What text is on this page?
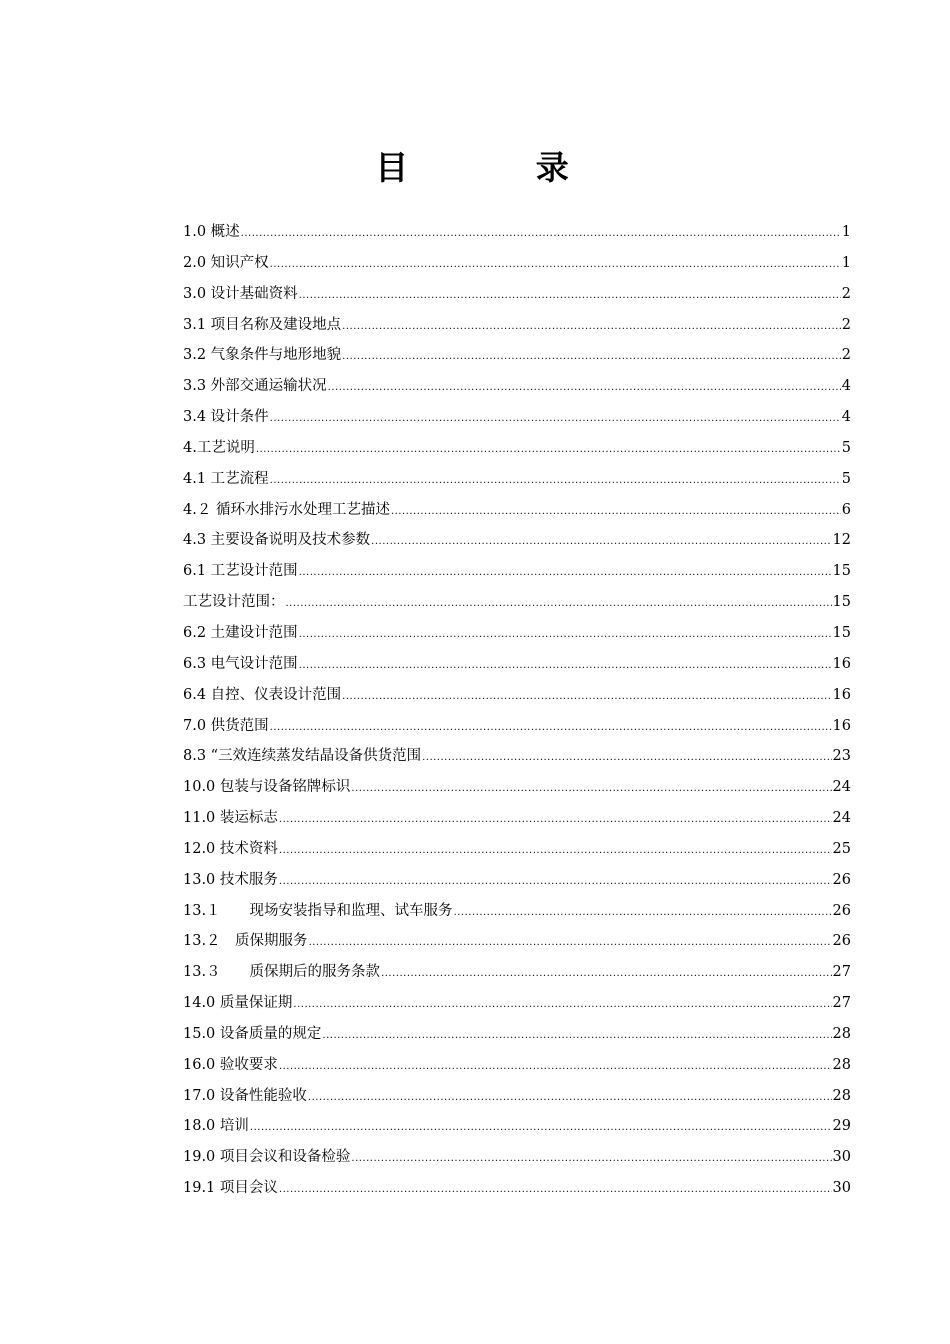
目 录
1.0 概述 .....	1
2.0 知识产权 .....	1
3.0 设计基础资料 .....	2
3.1 项目名称及建设地点 .....	2
3.2 气象条件与地形地貌 .....	2
3.3 外部交通运输状况 .....	4
3.4 设计条件 .....	4
4.工艺说明 .....	5
4.1 工艺流程 .....	5
4.２ 循环水排污水处理工艺描述 .....	6
4.3 主要设备说明及技术参数 .....	12
6.1 工艺设计范围 .....	15
工艺设计范围： .....	15
6.2 土建设计范围 .....	15
6.3 电气设计范围 .....	16
6.4 自控、仪表设计范围 .....	16
7.0 供货范围 .....	16
8.3 “三效连续蒸发结晶设备供货范围 .....	23
10.0 包装与设备铭牌标识 .....	24
11.0 装运标志 .....	24
12.0 技术资料 .....	25
13.0 技术服务 .....	26
13.１　　现场安装指导和监理、试车服务 .....	26
13.２　质保期服务 .....	26
13.３　　质保期后的服务条款 .....	27
14.0 质量保证期 .....	27
15.0 设备质量的规定 .....	28
16.0 验收要求 .....	28
17.0 设备性能验收 .....	28
18.0 培训 .....	29
19.0 项目会议和设备检验 .....	30
19.1 项目会议 .....	30
